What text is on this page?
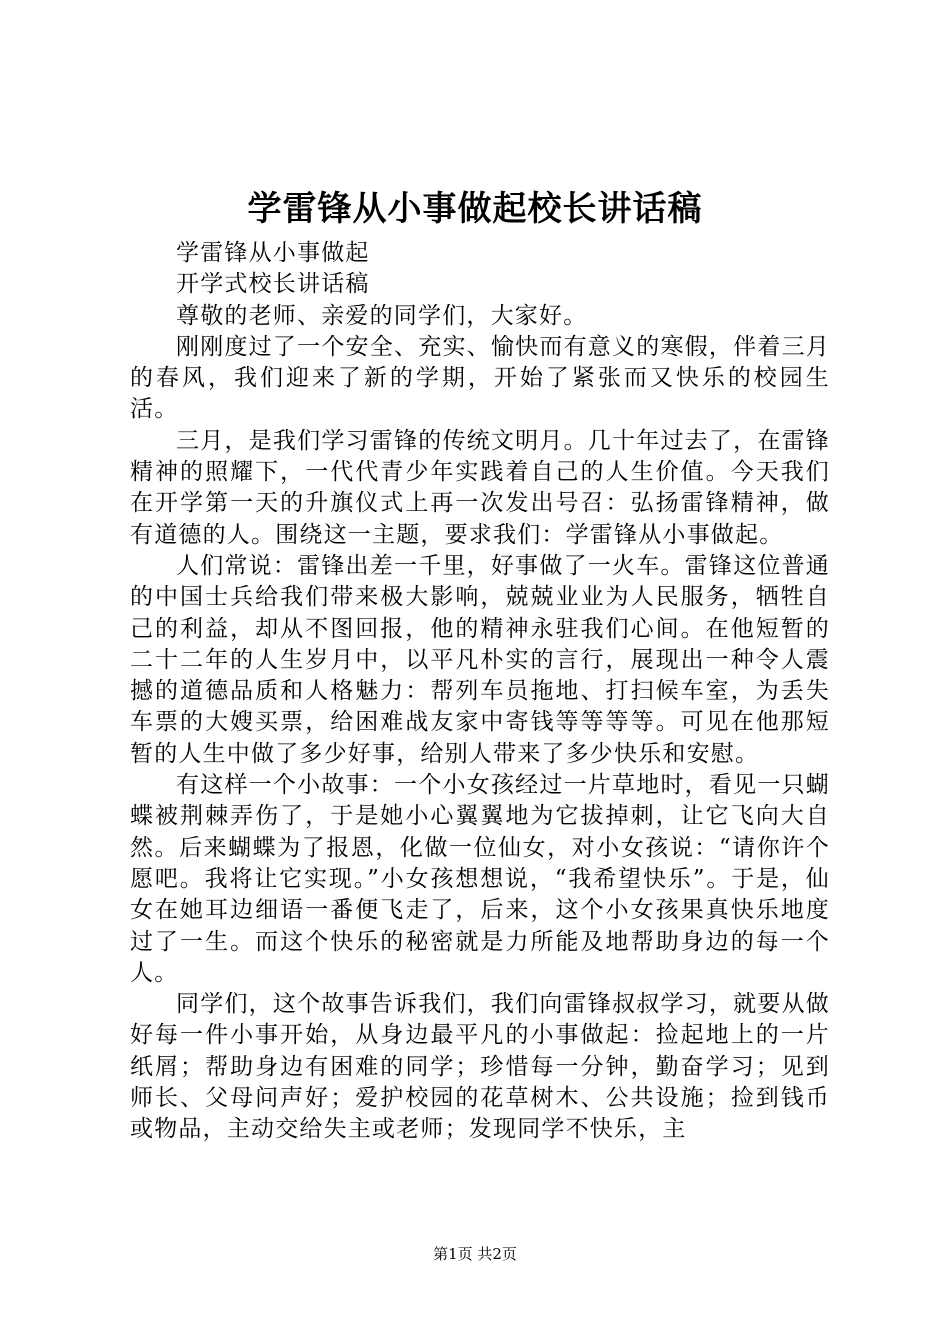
学雷锋从小事做起校长讲话稿

学雷锋从小事做起

开学式校长讲话稿

尊敬的老师、亲爱的同学们，大家好。

刚刚度过了一个安全、充实、愉快而有意义的寒假，伴着三月的春风，我们迎来了新的学期，开始了紧张而又快乐的校园生活。

三月，是我们学习雷锋的传统文明月。几十年过去了，在雷锋精神的照耀下，一代代青少年实践着自己的人生价值。今天我们在开学第一天的升旗仪式上再一次发出号召：弘扬雷锋精神，做有道德的人。围绕这一主题，要求我们：学雷锋从小事做起。

人们常说：雷锋出差一千里，好事做了一火车。雷锋这位普通的中国士兵给我们带来极大影响，兢兢业业为人民服务，牺牲自己的利益，却从不图回报，他的精神永驻我们心间。在他短暂的二十二年的人生岁月中，以平凡朴实的言行，展现出一种令人震撼的道德品质和人格魅力：帮列车员拖地、打扫候车室，为丢失车票的大嫂买票，给困难战友家中寄钱等等等等。可见在他那短暂的人生中做了多少好事，给别人带来了多少快乐和安慰。

有这样一个小故事：一个小女孩经过一片草地时，看见一只蝴蝶被荆棘弄伤了，于是她小心翼翼地为它拔掉刺，让它飞向大自然。后来蝴蝶为了报恩，化做一位仙女，对小女孩说：“请你许个愿吧。我将让它实现。”小女孩想想说，“我希望快乐”。于是，仙女在她耳边细语一番便飞走了，后来，这个小女孩果真快乐地度过了一生。而这个快乐的秘密就是力所能及地帮助身边的每一个人。

同学们，这个故事告诉我们，我们向雷锋叔叔学习，就要从做好每一件小事开始，从身边最平凡的小事做起：捡起地上的一片纸屑；帮助身边有困难的同学；珍惜每一分钟，勤奋学习；见到师长、父母问声好；爱护校园的花草树木、公共设施；捡到钱币或物品，主动交给失主或老师；发现同学不快乐，主

第1页 共2页
